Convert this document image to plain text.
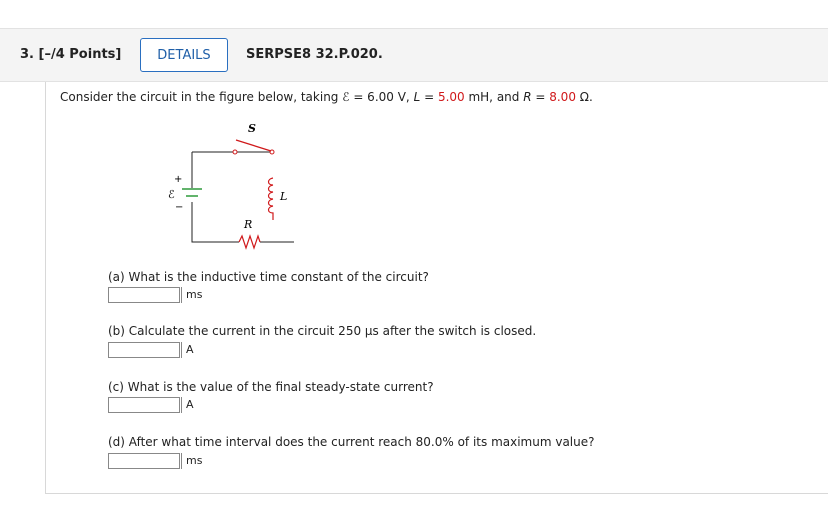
3. [–/4 Points]	DETAILS	SERPSE8 32.P.020.
Consider the circuit in the figure below, taking ℰ = 6.00 V, L = 5.00 mH, and R = 8.00 Ω.
S
ℰ
+
−
L
R
(a) What is the inductive time constant of the circuit?
ms
(b) Calculate the current in the circuit 250 μs after the switch is closed.
A
(c) What is the value of the final steady-state current?
A
(d) After what time interval does the current reach 80.0% of its maximum value?
ms
